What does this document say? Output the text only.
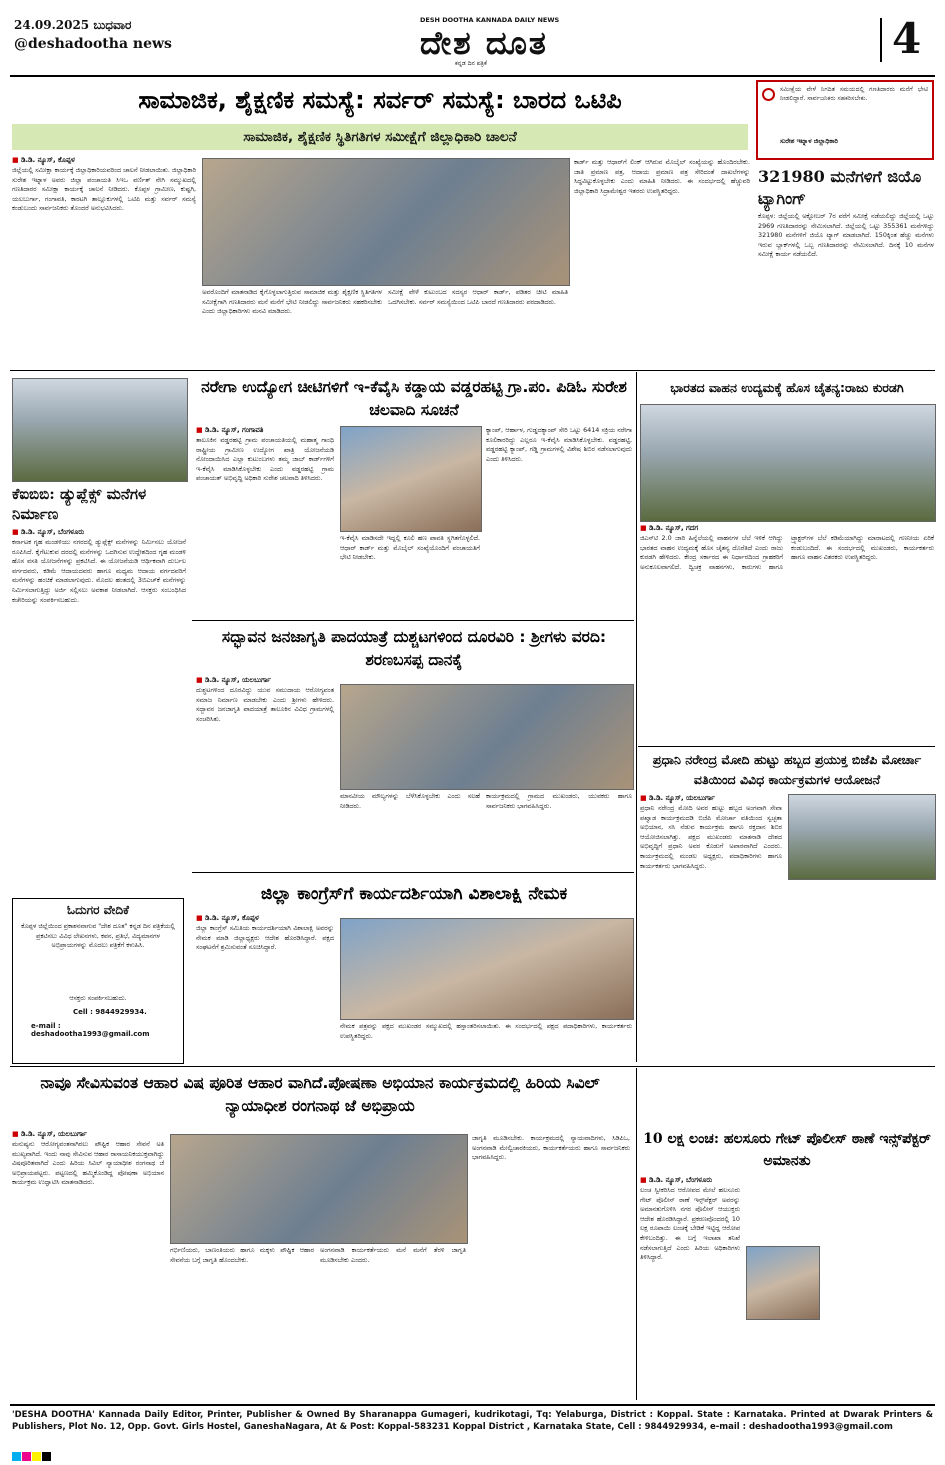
24.09.2025 ಬುಧವಾರ
@deshadootha news
DESH DOOTHA KANNADA DAILY NEWS
ದೇಶ ದೂತ
ಕನ್ನಡ ದಿನ ಪತ್ರಿಕೆ
4
ಸಾಮಾಜಿಕ, ಶೈಕ್ಷಣಿಕ ಸಮಸ್ಯೆ: ಸರ್ವರ್ ಸಮಸ್ಯೆ: ಬಾರದ ಒಟಿಪಿ
ಸಾಮಾಜಿಕ, ಶೈಕ್ಷಣಿಕ ಸ್ಥಿತಿಗತಿಗಳ ಸಮೀಕ್ಷೆಗೆ ಜಿಲ್ಲಾಧಿಕಾರಿ ಚಾಲನೆ
ಸಮೀಕ್ಷೆಯ ವೇಳೆ ನಿಗದಿತ ಸಮಯದಲ್ಲಿ ಗಣತಿದಾರರು ಮನೆಗೆ ಭೇಟಿ ನೀಡಲಿದ್ದಾರೆ. ಸಾರ್ವಜನಿಕರು ಸಹಕರಿಸಬೇಕು.
ಸುರೇಶ ಇಟ್ನಾಳ ಜಿಲ್ಲಾಧಿಕಾರಿ
■ ಡಿ.ಡಿ. ನ್ಯೂಸ್, ಕೊಪ್ಪಳ
ಜಿಲ್ಲೆಯಲ್ಲಿ ಸಮೀಕ್ಷಾ ಕಾರ್ಯಕ್ಕೆ ಜಿಲ್ಲಾಧಿಕಾರಿಯವರಿಂದ ಚಾಲನೆ ನೀಡಲಾಯಿತು. ಜಿಲ್ಲಾಧಿಕಾರಿ ಸುರೇಶ ಇಟ್ನಾಳ ಅವರು ಜಿಲ್ಲಾ ಪಂಚಾಯತಿ ಸಿಇಒ ವರ್ಣಿತ್ ನೇಗಿ ಸಮ್ಮುಖದಲ್ಲಿ ಗಣತಿದಾರರ ಸಮೀಕ್ಷಾ ಕಾರ್ಯಕ್ಕೆ ಚಾಲನೆ ನೀಡಿದರು. ಕೊಪ್ಪಳ ಗ್ರಾಮೀಣ, ಕುಷ್ಟಗಿ, ಯಲಬುರ್ಗಾ, ಗಂಗಾವತಿ, ಕಾರಟಗಿ ತಾಲ್ಲೂಕುಗಳಲ್ಲಿ ಒಟಿಪಿ ಮತ್ತು ಸರ್ವರ್ ಸಮಸ್ಯೆ ಕಂಡುಬಂದು ಸಾರ್ವಜನಿಕರು ತೊಂದರೆ ಅನುಭವಿಸಿದರು.
ಅವರೊಂದಿಗೆ ಮಾತನಾಡಿದ ಕೈಗೊಳ್ಳಲಾಗುತ್ತಿರುವ ಸಾಮಾಜಿಕ ಮತ್ತು ಶೈಕ್ಷಣಿಕ ಸ್ಥಿತಿಗತಿಗಳ ಸಮೀಕ್ಷೆಗಾಗಿ ಗಣತಿದಾರರು ಮನೆ ಮನೆಗೆ ಭೇಟಿ ನೀಡಲಿದ್ದು ಸಾರ್ವಜನಿಕರು ಸಹಕರಿಸಬೇಕು ಎಂದು ಜಿಲ್ಲಾಧಿಕಾರಿಗಳು ಮನವಿ ಮಾಡಿದರು.
ಸಮೀಕ್ಷೆ ವೇಳೆ ಕುಟುಂಬದ ಸದಸ್ಯರ ಆಧಾರ್ ಕಾರ್ಡ್, ಪಡಿತರ ಚೀಟಿ ಮಾಹಿತಿ ಒದಗಿಸಬೇಕು. ಸರ್ವರ್ ಸಮಸ್ಯೆಯಿಂದ ಒಟಿಪಿ ಬಾರದೆ ಗಣತಿದಾರರು ಪರದಾಡಿದರು.
ಕಾರ್ಡ್ ಮತ್ತು ಆಧಾರ್‌ಗೆ ಲಿಂಕ್ ಆಗಿರುವ ಮೊಬೈಲ್ ಸಂಖ್ಯೆಯನ್ನು ಹೊಂದಿರಬೇಕು. ಜಾತಿ ಪ್ರಮಾಣ ಪತ್ರ, ಆದಾಯ ಪ್ರಮಾಣ ಪತ್ರ ಸೇರಿದಂತೆ ದಾಖಲೆಗಳನ್ನು ಸಿದ್ಧವಿಟ್ಟುಕೊಳ್ಳಬೇಕು ಎಂದು ಮಾಹಿತಿ ನೀಡಿದರು. ಈ ಸಂದರ್ಭದಲ್ಲಿ ಹೆಚ್ಚುವರಿ ಜಿಲ್ಲಾಧಿಕಾರಿ ಸಿದ್ರಾಮೇಶ್ವರ ಇತರರು ಉಪಸ್ಥಿತರಿದ್ದರು.
321980 ಮನೆಗಳಿಗೆ ಜಿಯೊ ಟ್ಯಾಗಿಂಗ್
ಕೊಪ್ಪಳ: ಜಿಲ್ಲೆಯಲ್ಲಿ ಅಕ್ಟೋಬರ್ 7ರ ವರೆಗೆ ಸಮೀಕ್ಷೆ ನಡೆಯಲಿದ್ದು ಜಿಲ್ಲೆಯಲ್ಲಿ ಒಟ್ಟು 2969 ಗಣತಿದಾರರನ್ನು ನೇಮಿಸಲಾಗಿದೆ. ಜಿಲ್ಲೆಯಲ್ಲಿ ಒಟ್ಟು 355361 ಮನೆಗಳಿದ್ದು 321980 ಮನೆಗಳಿಗೆ ಜಿಯೊ ಟ್ಯಾಗ್ ಮಾಡಲಾಗಿದೆ. 150ಕ್ಕಿಂತ ಹೆಚ್ಚು ಮನೆಗಳು ಇರುವ ಬ್ಲಾಕ್‌ಗಳಲ್ಲಿ ಒಬ್ಬ ಗಣತಿದಾರರನ್ನು ನೇಮಿಸಲಾಗಿದೆ. ದಿನಕ್ಕೆ 10 ಮನೆಗಳ ಸಮೀಕ್ಷೆ ಕಾರ್ಯ ನಡೆಯಲಿದೆ.
ಕೆಐಬಿಬಿ: ಡ್ಯುಪ್ಲೆಕ್ಸ್ ಮನೆಗಳ ನಿರ್ಮಾಣ
■ ಡಿ.ಡಿ. ನ್ಯೂಸ್, ಬೆಂಗಳೂರು
ಕರ್ನಾಟಕ ಗೃಹ ಮಂಡಳಿಯು ನಗರದಲ್ಲಿ ಡ್ಯುಪ್ಲೆಕ್ಸ್ ಮನೆಗಳನ್ನು ನಿರ್ಮಿಸಲು ಯೋಜನೆ ರೂಪಿಸಿದೆ. ಕೈಗೆಟುಕುವ ದರದಲ್ಲಿ ಮನೆಗಳನ್ನು ಒದಗಿಸುವ ಉದ್ದೇಶದಿಂದ ಗೃಹ ಮಂಡಳಿ ಹೊಸ ವಸತಿ ಯೋಜನೆಗಳನ್ನು ಪ್ರಕಟಿಸಿದೆ. ಈ ಯೋಜನೆಯಡಿ ಆರ್ಥಿಕವಾಗಿ ದುರ್ಬಲ ವರ್ಗದವರು, ಕಡಿಮೆ ಆದಾಯದವರು ಹಾಗೂ ಮಧ್ಯಮ ಆದಾಯ ವರ್ಗದವರಿಗೆ ಮನೆಗಳನ್ನು ಹಂಚಿಕೆ ಮಾಡಲಾಗುವುದು. ಮೊದಲ ಹಂತದಲ್ಲಿ 3ಬಿಎಚ್‌ಕೆ ಮನೆಗಳನ್ನು ನಿರ್ಮಿಸಲಾಗುತ್ತಿದ್ದು ಅರ್ಜಿ ಸಲ್ಲಿಸಲು ಅವಕಾಶ ನೀಡಲಾಗಿದೆ. ಆಸಕ್ತರು ಸಂಬಂಧಿಸಿದ ಕಚೇರಿಯನ್ನು ಸಂಪರ್ಕಿಸಬಹುದು.
ಓದುಗರ ವೇದಿಕೆ
ಕೊಪ್ಪಳ ಜಿಲ್ಲೆಯಿಂದ ಪ್ರಕಾಶನವಾಗುವ "ದೇಶ ದೂತ" ಕನ್ನಡ ದಿನ ಪತ್ರಿಕೆಯಲ್ಲಿ ಪ್ರಕಟಿಸಲು ವಿವಿಧ ಲೇಖನಗಳು, ಕವನ, ಪ್ರತಿಭೆ, ವಿದ್ಯಮಾನಗಳ ಅಭಿಪ್ರಾಯಗಳನ್ನು ಮೊದಲು ಪತ್ರಿಕೆಗೆ ಕಳುಹಿಸಿ.
ಆಸಕ್ತರು ಸಂಪರ್ಕಿಸಬಹುದು.
Cell : 9844929934.
e-mail : deshadootha1993@gmail.com
ನರೇಗಾ ಉದ್ಯೋಗ ಚೀಟಿಗಳಿಗೆ ಇ-ಕೆವೈಸಿ ಕಡ್ಡಾಯ ವಡ್ಡರಹಟ್ಟಿ ಗ್ರಾ.ಪಂ. ಪಿಡಿಓ ಸುರೇಶ ಚಲವಾದಿ ಸೂಚನೆ
■ ಡಿ.ಡಿ. ನ್ಯೂಸ್, ಗಂಗಾವತಿ
ತಾಲೂಕಿನ ವಡ್ಡರಹಟ್ಟಿ ಗ್ರಾಮ ಪಂಚಾಯತಿಯಲ್ಲಿ ಮಹಾತ್ಮ ಗಾಂಧಿ ರಾಷ್ಟ್ರೀಯ ಗ್ರಾಮೀಣ ಉದ್ಯೋಗ ಖಾತ್ರಿ ಯೋಜನೆಯಡಿ ನೋಂದಾಯಿಸಿದ ಎಲ್ಲಾ ಕುಟುಂಬಗಳು ತಮ್ಮ ಜಾಬ್ ಕಾರ್ಡ್‌ಗಳಿಗೆ ಇ-ಕೆವೈಸಿ ಮಾಡಿಸಿಕೊಳ್ಳಬೇಕು ಎಂದು ವಡ್ಡರಹಟ್ಟಿ ಗ್ರಾಮ ಪಂಚಾಯತ್ ಅಭಿವೃದ್ಧಿ ಅಧಿಕಾರಿ ಸುರೇಶ ಚಲವಾದಿ ತಿಳಿಸಿದರು.
ಇ-ಕೆವೈಸಿ ಮಾಡಿಸದೇ ಇದ್ದಲ್ಲಿ ಕೂಲಿ ಹಣ ಪಾವತಿ ಸ್ಥಗಿತಗೊಳ್ಳಲಿದೆ. ಆಧಾರ್ ಕಾರ್ಡ್ ಮತ್ತು ಮೊಬೈಲ್ ಸಂಖ್ಯೆಯೊಂದಿಗೆ ಪಂಚಾಯತಿಗೆ ಭೇಟಿ ನೀಡಬೇಕು.
ಕ್ಯಾಂಪ್, ಆರ್ಹಾಳ, ಗುಡ್ಡದಕ್ಯಾಂಪ್ ಸೇರಿ ಒಟ್ಟು 6414 ಸಕ್ರಿಯ ನರೇಗಾ ಕೂಲಿಕಾರರಿದ್ದು ಎಲ್ಲರೂ ಇ-ಕೆವೈಸಿ ಮಾಡಿಸಿಕೊಳ್ಳಬೇಕು. ವಡ್ಡರಹಟ್ಟಿ, ವಡ್ಡರಹಟ್ಟಿ ಕ್ಯಾಂಪ್, ಗಡ್ಡಿ ಗ್ರಾಮಗಳಲ್ಲಿ ವಿಶೇಷ ಶಿಬಿರ ನಡೆಸಲಾಗುವುದು ಎಂದು ತಿಳಿಸಿದರು.
ಸದ್ಭಾವನ ಜನಜಾಗೃತಿ ಪಾದಯಾತ್ರೆ ದುಶ್ಚಟಗಳಿಂದ ದೂರವಿರಿ : ಶ್ರೀಗಳು ವರದಿ: ಶರಣಬಸಪ್ಪ ದಾನಕೈ
■ ಡಿ.ಡಿ. ನ್ಯೂಸ್, ಯಲಬುರ್ಗಾ
ದುಶ್ಚಟಗಳಿಂದ ದೂರವಿದ್ದು ಯುವ ಸಮುದಾಯ ಆರೋಗ್ಯವಂತ ಸಮಾಜ ನಿರ್ಮಾಣ ಮಾಡಬೇಕು ಎಂದು ಶ್ರೀಗಳು ಹೇಳಿದರು. ಸದ್ಭಾವನ ಜನಜಾಗೃತಿ ಪಾದಯಾತ್ರೆ ತಾಲೂಕಿನ ವಿವಿಧ ಗ್ರಾಮಗಳಲ್ಲಿ ಸಂಚರಿಸಿತು.
ಮಾನವೀಯ ಮೌಲ್ಯಗಳನ್ನು ಬೆಳೆಸಿಕೊಳ್ಳಬೇಕು ಎಂದು ಸಲಹೆ ನೀಡಿದರು.
ಕಾರ್ಯಕ್ರಮದಲ್ಲಿ ಗ್ರಾಮದ ಮುಖಂಡರು, ಯುವಕರು ಹಾಗೂ ಸಾರ್ವಜನಿಕರು ಭಾಗವಹಿಸಿದ್ದರು.
ಜಿಲ್ಲಾ ಕಾಂಗ್ರೆಸ್‌ಗೆ ಕಾರ್ಯದರ್ಶಿಯಾಗಿ ವಿಶಾಲಾಕ್ಷಿ ನೇಮಕ
■ ಡಿ.ಡಿ. ನ್ಯೂಸ್, ಕೊಪ್ಪಳ
ಜಿಲ್ಲಾ ಕಾಂಗ್ರೆಸ್ ಸಮಿತಿಯ ಕಾರ್ಯದರ್ಶಿಯಾಗಿ ವಿಶಾಲಾಕ್ಷಿ ಅವರನ್ನು ನೇಮಕ ಮಾಡಿ ಜಿಲ್ಲಾಧ್ಯಕ್ಷರು ಆದೇಶ ಹೊರಡಿಸಿದ್ದಾರೆ. ಪಕ್ಷದ ಸಂಘಟನೆಗೆ ಶ್ರಮಿಸುವಂತೆ ಸೂಚಿಸಿದ್ದಾರೆ.
ನೇಮಕ ಪತ್ರವನ್ನು ಪಕ್ಷದ ಮುಖಂಡರ ಸಮ್ಮುಖದಲ್ಲಿ ಹಸ್ತಾಂತರಿಸಲಾಯಿತು. ಈ ಸಂದರ್ಭದಲ್ಲಿ ಪಕ್ಷದ ಪದಾಧಿಕಾರಿಗಳು, ಕಾರ್ಯಕರ್ತರು ಉಪಸ್ಥಿತರಿದ್ದರು.
ಭಾರತದ ವಾಹನ ಉದ್ಯಮಕ್ಕೆ ಹೊಸ ಚೈತನ್ಯ:ರಾಜು ಕುರಡಗಿ
■ ಡಿ.ಡಿ. ನ್ಯೂಸ್, ಗದಗ
ಜಿಎಸ್‌ಟಿ 2.0 ಜಾರಿ ಹಿನ್ನೆಲೆಯಲ್ಲಿ ವಾಹನಗಳ ಬೆಲೆ ಇಳಿಕೆ ಆಗಿದ್ದು ಭಾರತದ ವಾಹನ ಉದ್ಯಮಕ್ಕೆ ಹೊಸ ಚೈತನ್ಯ ದೊರೆತಿದೆ ಎಂದು ರಾಜು ಕುರಡಗಿ ಹೇಳಿದರು. ಕೇಂದ್ರ ಸರ್ಕಾರದ ಈ ನಿರ್ಧಾರದಿಂದ ಗ್ರಾಹಕರಿಗೆ ಅನುಕೂಲವಾಗಲಿದೆ. ದ್ವಿಚಕ್ರ ವಾಹನಗಳು, ಕಾರುಗಳು ಹಾಗೂ ಟ್ರ್ಯಾಕ್ಟರ್‌ಗಳ ಬೆಲೆ ಕಡಿಮೆಯಾಗಿದ್ದು ಮಾರಾಟದಲ್ಲಿ ಗಣನೀಯ ಏರಿಕೆ ಕಂಡುಬಂದಿದೆ. ಈ ಸಂದರ್ಭದಲ್ಲಿ ಮುಖಂಡರು, ಕಾರ್ಯಕರ್ತರು ಹಾಗೂ ವಾಹನ ವಿತರಕರು ಉಪಸ್ಥಿತರಿದ್ದರು.
ಪ್ರಧಾನಿ ನರೇಂದ್ರ ಮೋದಿ ಹುಟ್ಟು ಹಬ್ಬದ ಪ್ರಯುಕ್ತ ಬಿಜೆಪಿ ಮೋರ್ಚಾ ವತಿಯಿಂದ ವಿವಿಧ ಕಾರ್ಯಕ್ರಮಗಳ ಆಯೋಜನೆ
■ ಡಿ.ಡಿ. ನ್ಯೂಸ್, ಯಲಬುರ್ಗಾ
ಪ್ರಧಾನಿ ನರೇಂದ್ರ ಮೋದಿ ಅವರ ಹುಟ್ಟು ಹಬ್ಬದ ಅಂಗವಾಗಿ ಸೇವಾ ಪಖ್ವಾಡ ಕಾರ್ಯಕ್ರಮದಡಿ ಬಿಜೆಪಿ ಮೋರ್ಚಾ ವತಿಯಿಂದ ಸ್ವಚ್ಛತಾ ಅಭಿಯಾನ, ಸಸಿ ನೆಡುವ ಕಾರ್ಯಕ್ರಮ ಹಾಗೂ ರಕ್ತದಾನ ಶಿಬಿರ ಆಯೋಜಿಸಲಾಗಿತ್ತು. ಪಕ್ಷದ ಮುಖಂಡರು ಮಾತನಾಡಿ ದೇಶದ ಅಭಿವೃದ್ಧಿಗೆ ಪ್ರಧಾನಿ ಅವರ ಕೊಡುಗೆ ಅಪಾರವಾಗಿದೆ ಎಂದರು. ಕಾರ್ಯಕ್ರಮದಲ್ಲಿ ಮಂಡಲ ಅಧ್ಯಕ್ಷರು, ಪದಾಧಿಕಾರಿಗಳು ಹಾಗೂ ಕಾರ್ಯಕರ್ತರು ಭಾಗವಹಿಸಿದ್ದರು.
ನಾವೂ ಸೇವಿಸುವಂತ ಆಹಾರ ವಿಷ ಪೂರಿತ ಆಹಾರ ವಾಗಿದೆ.ಪೋಷಣಾ ಅಭಿಯಾನ ಕಾರ್ಯಕ್ರಮದಲ್ಲಿ ಹಿರಿಯ ಸಿವಿಲ್ ನ್ಯಾಯಾಧೀಶ ರಂಗನಾಥ ಜೆ ಅಭಿಪ್ರಾಯ
■ ಡಿ.ಡಿ. ನ್ಯೂಸ್, ಯಲಬುರ್ಗಾ
ಮನುಷ್ಯನು ಆರೋಗ್ಯವಂತನಾಗಿರಲು ಪೌಷ್ಟಿಕ ಆಹಾರ ಸೇವನೆ ಅತಿ ಮುಖ್ಯವಾಗಿದೆ. ಇಂದು ನಾವು ಸೇವಿಸುವ ಆಹಾರ ರಾಸಾಯನಿಕಯುಕ್ತವಾಗಿದ್ದು ವಿಷಪೂರಿತವಾಗಿದೆ ಎಂದು ಹಿರಿಯ ಸಿವಿಲ್ ನ್ಯಾಯಾಧೀಶ ರಂಗನಾಥ ಜೆ ಅಭಿಪ್ರಾಯಪಟ್ಟರು. ಪಟ್ಟಣದಲ್ಲಿ ಹಮ್ಮಿಕೊಂಡಿದ್ದ ಪೋಷಣಾ ಅಭಿಯಾನ ಕಾರ್ಯಕ್ರಮ ಉದ್ಘಾಟಿಸಿ ಮಾತನಾಡಿದರು.
ಗರ್ಭಿಣಿಯರು, ಬಾಣಂತಿಯರು ಹಾಗೂ ಮಕ್ಕಳು ಪೌಷ್ಟಿಕ ಆಹಾರ ಸೇವನೆಯ ಬಗ್ಗೆ ಜಾಗೃತಿ ಹೊಂದಬೇಕು.
ಅಂಗನವಾಡಿ ಕಾರ್ಯಕರ್ತೆಯರು ಮನೆ ಮನೆಗೆ ತೆರಳಿ ಜಾಗೃತಿ ಮೂಡಿಸಬೇಕು ಎಂದರು.
ಜಾಗೃತಿ ಮೂಡಿಸಬೇಕು. ಕಾರ್ಯಕ್ರಮದಲ್ಲಿ ನ್ಯಾಯವಾದಿಗಳು, ಸಿಡಿಪಿಒ, ಅಂಗನವಾಡಿ ಮೇಲ್ವಿಚಾರಕಿಯರು, ಕಾರ್ಯಕರ್ತೆಯರು ಹಾಗೂ ಸಾರ್ವಜನಿಕರು ಭಾಗವಹಿಸಿದ್ದರು.
10 ಲಕ್ಷ ಲಂಚ: ಹಲಸೂರು ಗೇಟ್ ಪೊಲೀಸ್ ಠಾಣೆ ಇನ್ಸ್‌ಪೆಕ್ಟರ್ ಅಮಾನತು
■ ಡಿ.ಡಿ. ನ್ಯೂಸ್, ಬೆಂಗಳೂರು
ಲಂಚ ಸ್ವೀಕರಿಸಿದ ಆರೋಪದ ಮೇಲೆ ಹಲಸೂರು ಗೇಟ್ ಪೊಲೀಸ್ ಠಾಣೆ ಇನ್ಸ್‌ಪೆಕ್ಟರ್ ಅವರನ್ನು ಅಮಾನತುಗೊಳಿಸಿ ನಗರ ಪೊಲೀಸ್ ಆಯುಕ್ತರು ಆದೇಶ ಹೊರಡಿಸಿದ್ದಾರೆ. ಪ್ರಕರಣವೊಂದರಲ್ಲಿ 10 ಲಕ್ಷ ರೂಪಾಯಿ ಲಂಚಕ್ಕೆ ಬೇಡಿಕೆ ಇಟ್ಟಿದ್ದ ಆರೋಪ ಕೇಳಿಬಂದಿತ್ತು. ಈ ಬಗ್ಗೆ ಇಲಾಖಾ ತನಿಖೆ ನಡೆಸಲಾಗುತ್ತಿದೆ ಎಂದು ಹಿರಿಯ ಅಧಿಕಾರಿಗಳು ತಿಳಿಸಿದ್ದಾರೆ.
'DESHA DOOTHA' Kannada Daily Editor, Printer, Publisher & Owned By Sharanappa Gumageri, kudrikotagi, Tq: Yelaburga, District : Koppal. State : Karnataka. Printed at Dwarak Printers & Publishers, Plot No. 12, Opp. Govt. Girls Hostel, GaneshaNagara, At & Post: Koppal-583231 Koppal District , Karnataka State, Cell : 9844929934, e-mail : deshadootha1993@gmail.com
